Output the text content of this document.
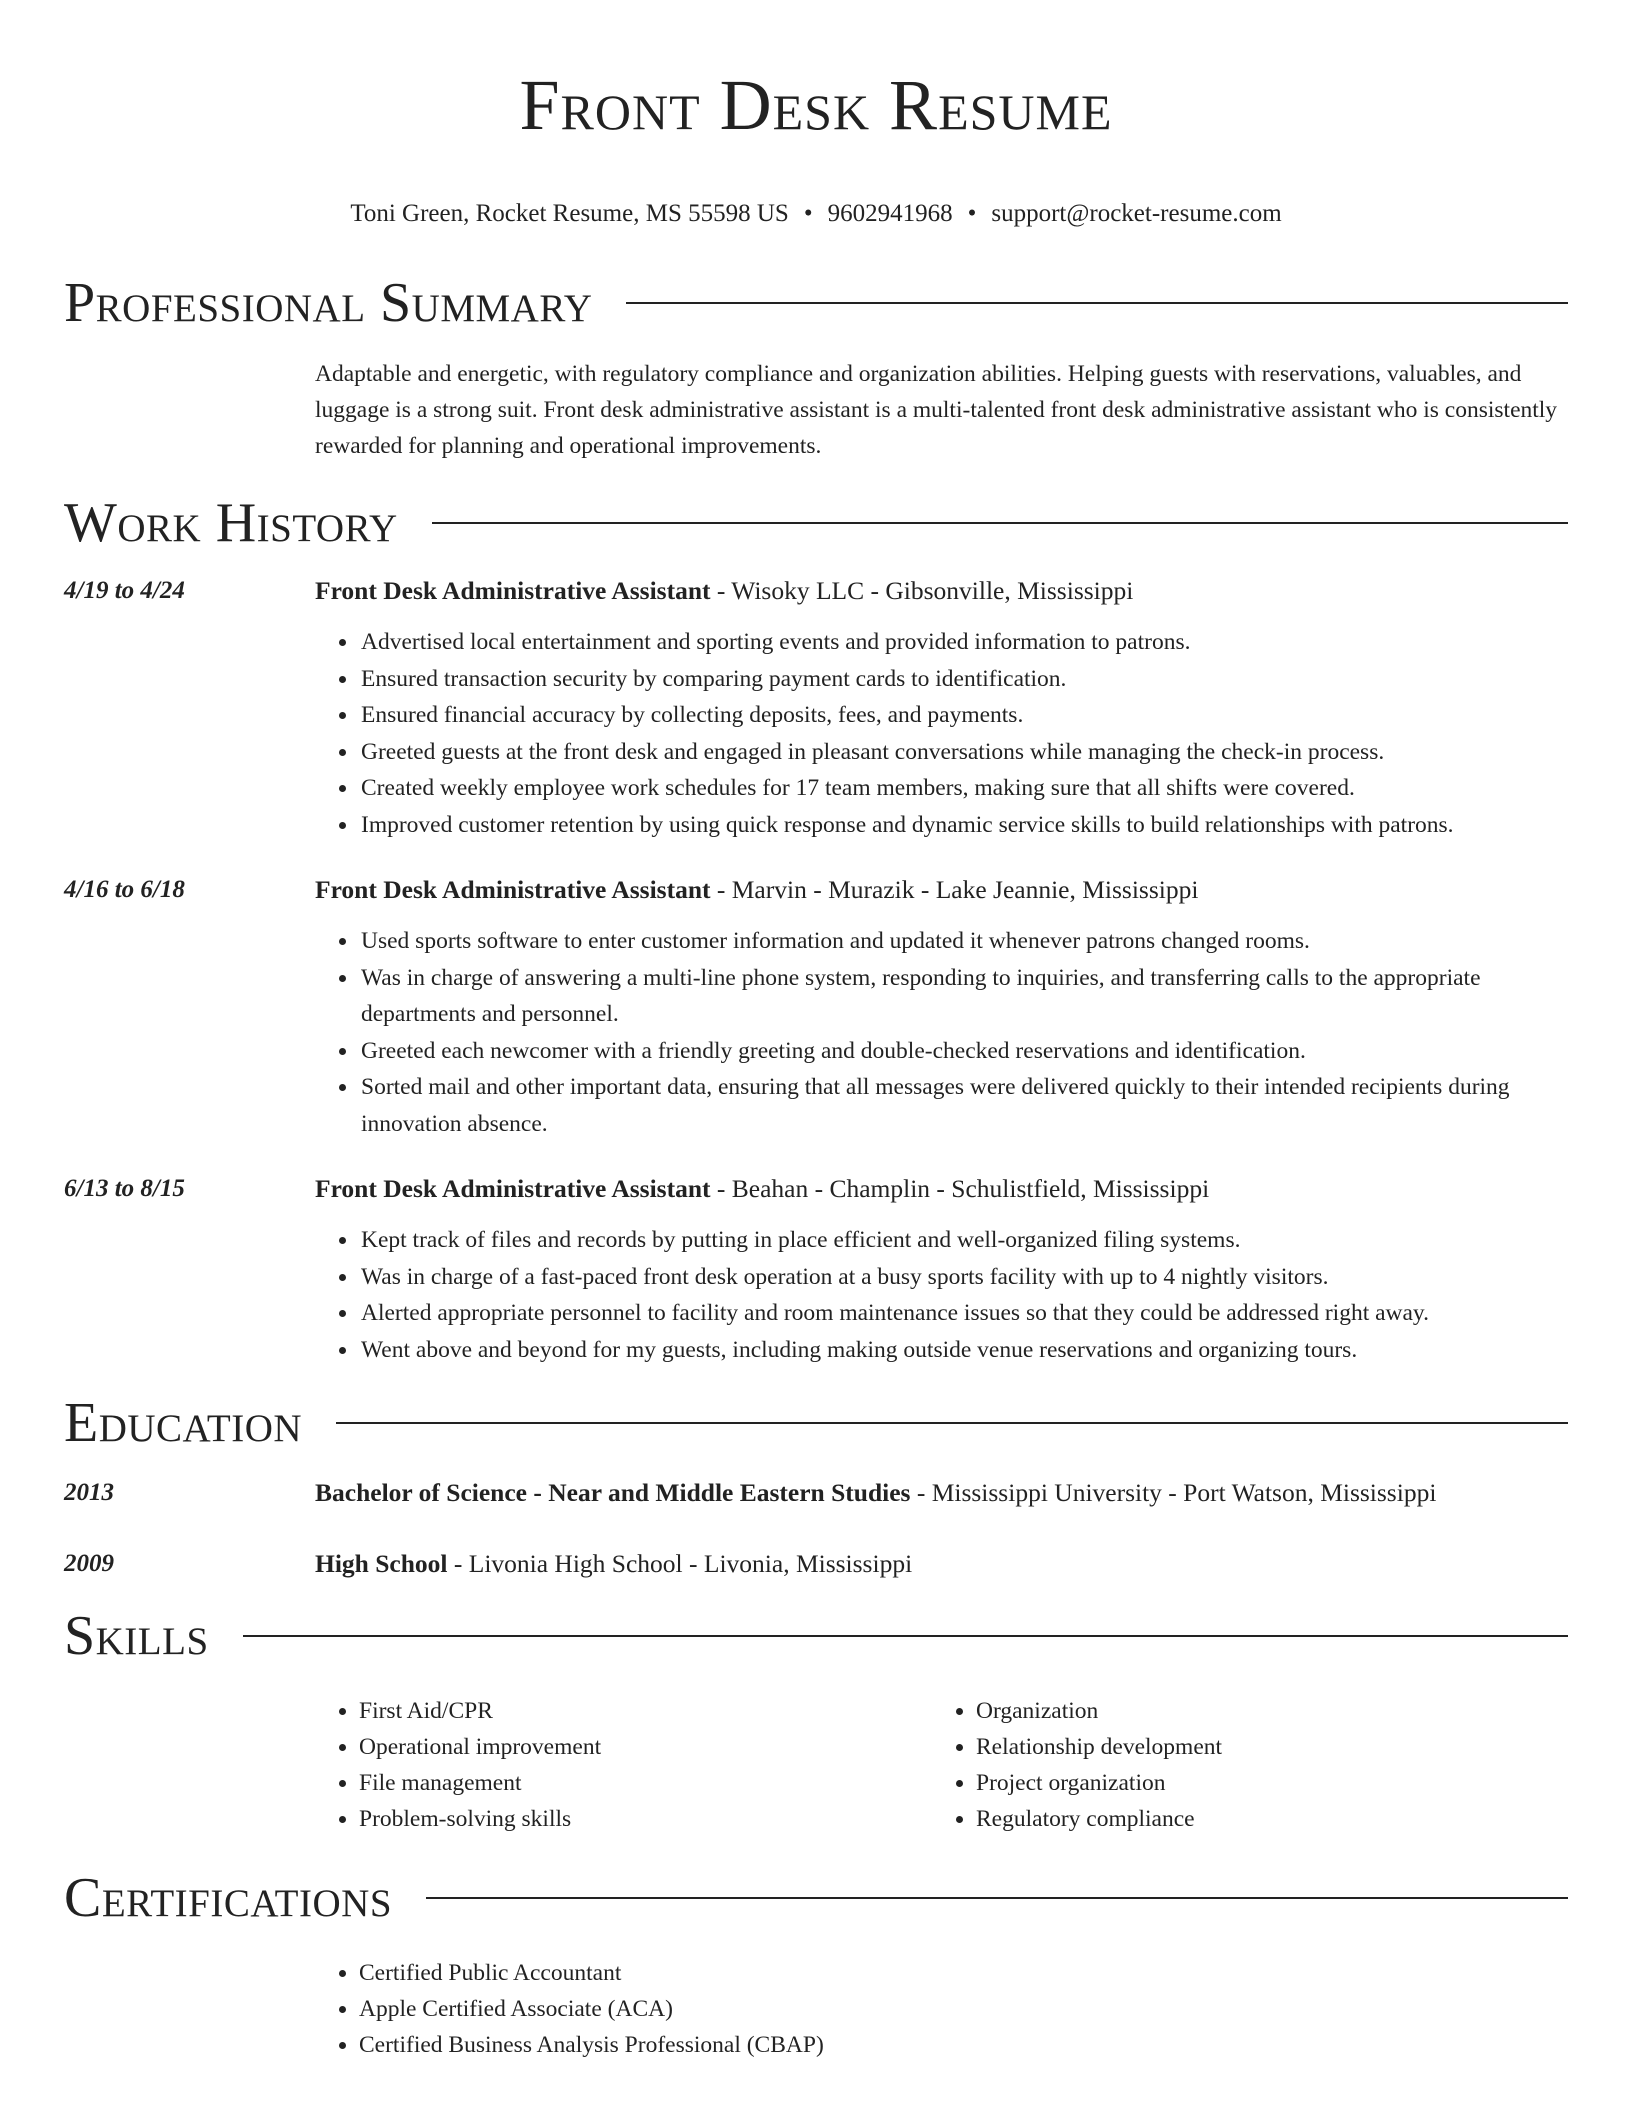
Front Desk Resume
Toni Green, Rocket Resume, MS 55598 US • 9602941968 • support@rocket-resume.com
Professional Summary
Adaptable and energetic, with regulatory compliance and organization abilities. Helping guests with reservations, valuables, and luggage is a strong suit. Front desk administrative assistant is a multi-talented front desk administrative assistant who is consistently rewarded for planning and operational improvements.
Work History
4/19 to 4/24	Front Desk Administrative Assistant - Wisoky LLC - Gibsonville, Mississippi
• Advertised local entertainment and sporting events and provided information to patrons.
• Ensured transaction security by comparing payment cards to identification.
• Ensured financial accuracy by collecting deposits, fees, and payments.
• Greeted guests at the front desk and engaged in pleasant conversations while managing the check-in process.
• Created weekly employee work schedules for 17 team members, making sure that all shifts were covered.
• Improved customer retention by using quick response and dynamic service skills to build relationships with patrons.
4/16 to 6/18	Front Desk Administrative Assistant - Marvin - Murazik - Lake Jeannie, Mississippi
• Used sports software to enter customer information and updated it whenever patrons changed rooms.
• Was in charge of answering a multi-line phone system, responding to inquiries, and transferring calls to the appropriate departments and personnel.
• Greeted each newcomer with a friendly greeting and double-checked reservations and identification.
• Sorted mail and other important data, ensuring that all messages were delivered quickly to their intended recipients during innovation absence.
6/13 to 8/15	Front Desk Administrative Assistant - Beahan - Champlin - Schulistfield, Mississippi
• Kept track of files and records by putting in place efficient and well-organized filing systems.
• Was in charge of a fast-paced front desk operation at a busy sports facility with up to 4 nightly visitors.
• Alerted appropriate personnel to facility and room maintenance issues so that they could be addressed right away.
• Went above and beyond for my guests, including making outside venue reservations and organizing tours.
Education
2013	Bachelor of Science - Near and Middle Eastern Studies - Mississippi University - Port Watson, Mississippi
2009	High School - Livonia High School - Livonia, Mississippi
Skills
• First Aid/CPR
• Operational improvement
• File management
• Problem-solving skills
• Organization
• Relationship development
• Project organization
• Regulatory compliance
Certifications
• Certified Public Accountant
• Apple Certified Associate (ACA)
• Certified Business Analysis Professional (CBAP)
